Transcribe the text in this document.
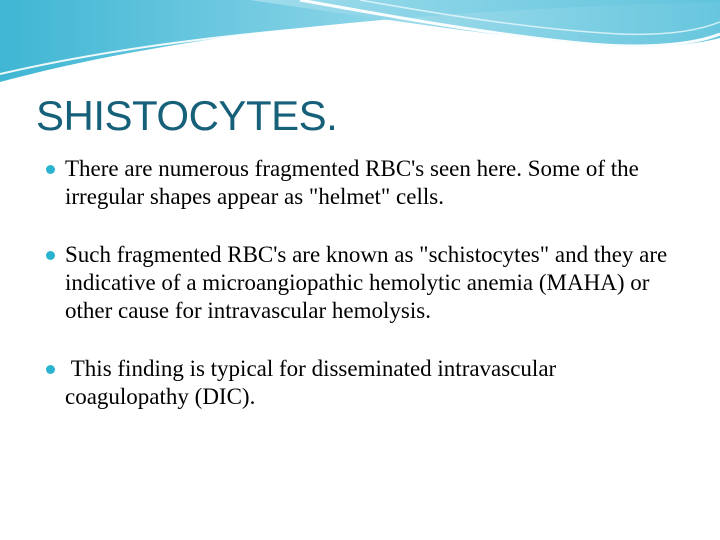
SHISTOCYTES.
There are numerous fragmented RBC's seen here. Some of the irregular shapes appear as "helmet" cells.
Such fragmented RBC's are known as "schistocytes" and they are indicative of a microangiopathic hemolytic anemia (MAHA) or other cause for intravascular hemolysis.
This finding is typical for disseminated intravascular coagulopathy (DIC).
